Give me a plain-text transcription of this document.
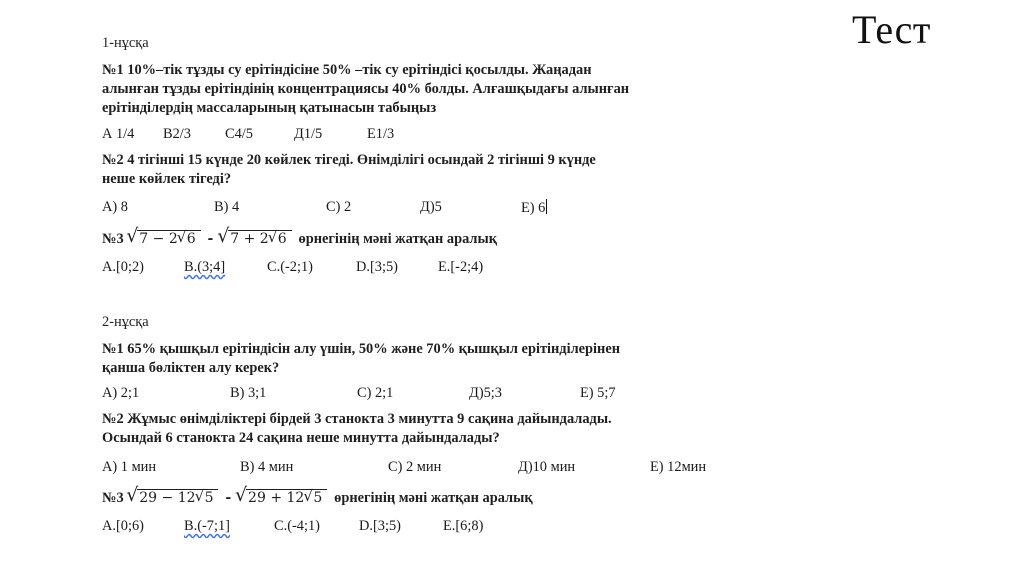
Тест
1-нұсқа
№1 10%–тік тұзды су ерітіндісіне 50% –тік су ерітіндісі қосылды. Жаңадан
алынған тұзды ерітіндінің концентрациясы 40% болды. Алғашқыдағы алынған
ерітінділердің массаларының қатынасын табыңыз
А 1/4 В2/3 С4/5	Д1/5	Е1/3
№2 4 тігінші 15 күнде 20 көйлек тігеді. Өнімділігі осындай 2 тігінші 9 күнде
неше көйлек тігеді?
А) 8	В) 4	С) 2	Д)5	Е) 6
№3 √ 7 − 2 √ 6 - √ 7 + 2 √ 6 өрнегінің мәні жатқан аралық
А.[0;2)	В.(3;4]	С.(-2;1)	D.[3;5)	Е.[-2;4)
2-нұсқа
№1 65% қышқыл ерітіндісін алу үшін, 50% және 70% қышқыл ерітінділерінен
қанша бөліктен алу керек?
А) 2;1	В) 3;1	С) 2;1	Д)5;3	Е) 5;7
№2 Жұмыс өнімділіктері бірдей 3 станокта 3 минутта 9 сақина дайындалады.
Осындай 6 станокта 24 сақина неше минутта дайындалады?
А) 1 мин	В) 4 мин	С) 2 мин	Д)10 мин	Е) 12мин
№3 √ 29 − 12 √ 5 - √ 29 + 12 √ 5 өрнегінің мәні жатқан аралық
А.[0;6)	В.(-7;1]	С.(-4;1)	D.[3;5)	Е.[6;8)
